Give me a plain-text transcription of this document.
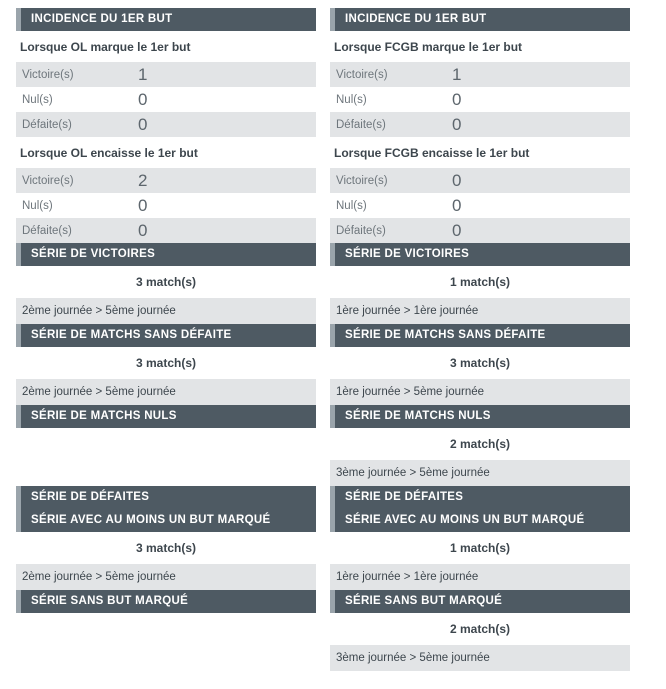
INCIDENCE DU 1ER BUT
Lorsque OL marque le 1er but
Victoire(s)	1
Nul(s)	0
Défaite(s)	0
Lorsque OL encaisse le 1er but
Victoire(s)	2
Nul(s)	0
Défaite(s)	0
SÉRIE DE VICTOIRES
3 match(s)
2ème journée > 5ème journée
SÉRIE DE MATCHS SANS DÉFAITE
3 match(s)
2ème journée > 5ème journée
SÉRIE DE MATCHS NULS
SÉRIE DE DÉFAITES
SÉRIE AVEC AU MOINS UN BUT MARQUÉ
3 match(s)
2ème journée > 5ème journée
SÉRIE SANS BUT MARQUÉ
INCIDENCE DU 1ER BUT
Lorsque FCGB marque le 1er but
Victoire(s)	1
Nul(s)	0
Défaite(s)	0
Lorsque FCGB encaisse le 1er but
Victoire(s)	0
Nul(s)	0
Défaite(s)	0
SÉRIE DE VICTOIRES
1 match(s)
1ère journée > 1ère journée
SÉRIE DE MATCHS SANS DÉFAITE
3 match(s)
1ère journée > 5ème journée
SÉRIE DE MATCHS NULS
2 match(s)
3ème journée > 5ème journée
SÉRIE DE DÉFAITES
SÉRIE AVEC AU MOINS UN BUT MARQUÉ
1 match(s)
1ère journée > 1ère journée
SÉRIE SANS BUT MARQUÉ
2 match(s)
3ème journée > 5ème journée
